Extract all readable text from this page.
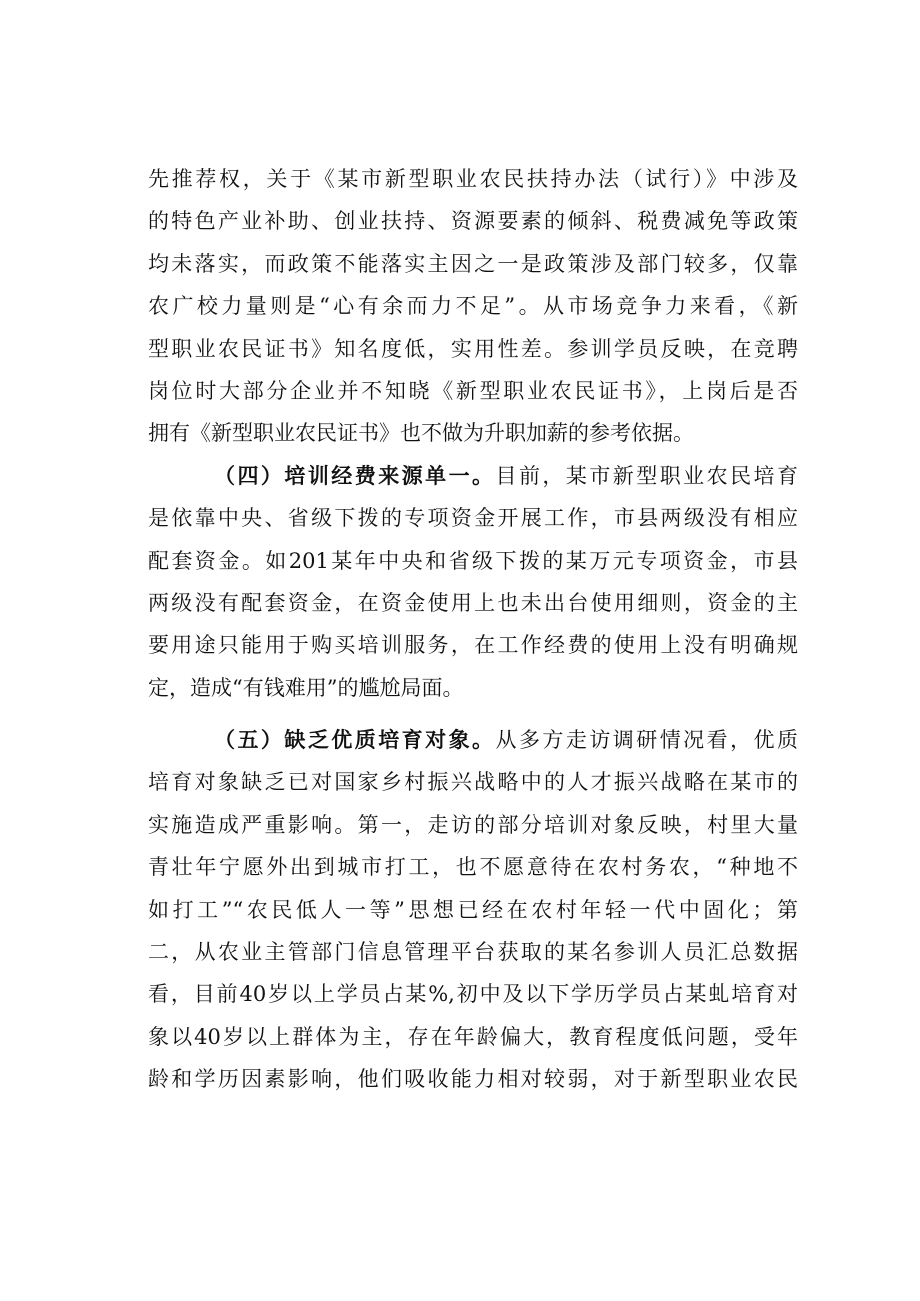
先推荐权，关于《某市新型职业农民扶持办法（试行）》中涉及
的特色产业补助、创业扶持、资源要素的倾斜、税费减免等政策
均未落实，而政策不能落实主因之一是政策涉及部门较多，仅靠
农广校力量则是“心有余而力不足”。从市场竞争力来看，《新
型职业农民证书》知名度低，实用性差。参训学员反映，在竞聘
岗位时大部分企业并不知晓《新型职业农民证书》，上岗后是否
拥有《新型职业农民证书》也不做为升职加薪的参考依据。
（四）培训经费来源单一。目前，某市新型职业农民培育
是依靠中央、省级下拨的专项资金开展工作，市县两级没有相应
配套资金。如201某年中央和省级下拨的某万元专项资金，市县
两级没有配套资金，在资金使用上也未出台使用细则，资金的主
要用途只能用于购买培训服务，在工作经费的使用上没有明确规
定，造成“有钱难用”的尴尬局面。
（五）缺乏优质培育对象。从多方走访调研情况看，优质
培育对象缺乏已对国家乡村振兴战略中的人才振兴战略在某市的
实施造成严重影响。第一，走访的部分培训对象反映，村里大量
青壮年宁愿外出到城市打工，也不愿意待在农村务农，“种地不
如打工”“农民低人一等”思想已经在农村年轻一代中固化；第
二，从农业主管部门信息管理平台获取的某名参训人员汇总数据
看，目前40岁以上学员占某%,初中及以下学历学员占某虬培育对
象以40岁以上群体为主，存在年龄偏大，教育程度低问题，受年
龄和学历因素影响，他们吸收能力相对较弱，对于新型职业农民
